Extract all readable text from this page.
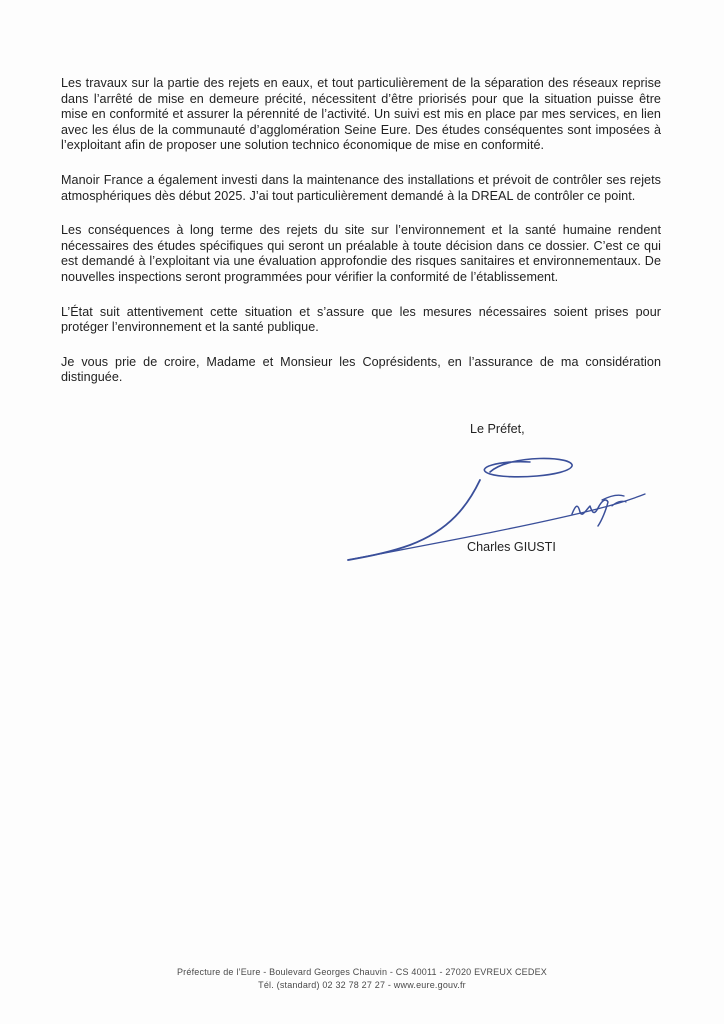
Les travaux sur la partie des rejets en eaux, et tout particulièrement de la séparation des réseaux reprise dans l’arrêté de mise en demeure précité, nécessitent d’être priorisés pour que la situation puisse être mise en conformité et assurer la pérennité de l’activité. Un suivi est mis en place par mes services, en lien avec les élus de la communauté d’agglomération Seine Eure. Des études conséquentes sont imposées à l’exploitant afin de proposer une solution technico économique de mise en conformité.

Manoir France a également investi dans la maintenance des installations et prévoit de contrôler ses rejets atmosphériques dès début 2025. J’ai tout particulièrement demandé à la DREAL de contrôler ce point.

Les conséquences à long terme des rejets du site sur l’environnement et la santé humaine rendent nécessaires des études spécifiques qui seront un préalable à toute décision dans ce dossier. C’est ce qui est demandé à l’exploitant via une évaluation approfondie des risques sanitaires et environnementaux. De nouvelles inspections seront programmées pour vérifier la conformité de l’établissement.

L’État suit attentivement cette situation et s’assure que les mesures nécessaires soient prises pour protéger l’environnement et la santé publique.

Je vous prie de croire, Madame et Monsieur les Coprésidents, en l’assurance de ma considération distinguée.

Le Préfet,
Charles GIUSTI
Préfecture de l’Eure - Boulevard Georges Chauvin - CS 40011 - 27020 EVREUX CEDEX
Tél. (standard) 02 32 78 27 27 - www.eure.gouv.fr
